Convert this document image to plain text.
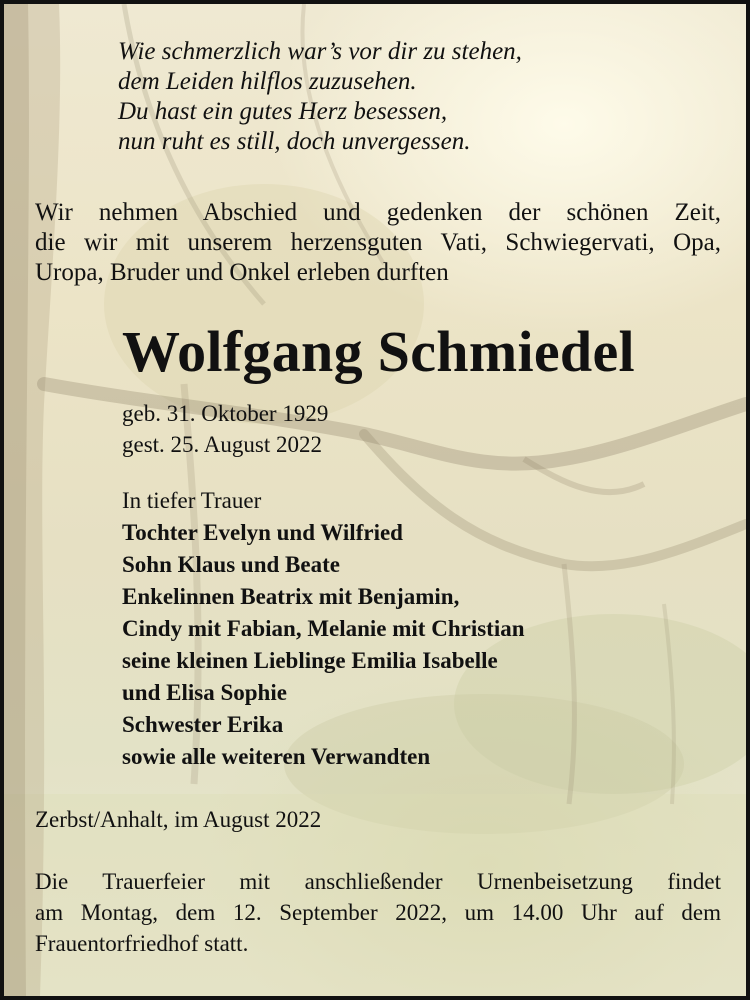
Wie schmerzlich war’s vor dir zu stehen,
dem Leiden hilflos zuzusehen.
Du hast ein gutes Herz besessen,
nun ruht es still, doch unvergessen.
Wir nehmen Abschied und gedenken der schönen Zeit,
die wir mit unserem herzensguten Vati, Schwiegervati, Opa,
Uropa, Bruder und Onkel erleben durften
Wolfgang Schmiedel
geb. 31. Oktober 1929
gest. 25. August 2022
In tiefer Trauer
Tochter Evelyn und Wilfried
Sohn Klaus und Beate
Enkelinnen Beatrix mit Benjamin,
Cindy mit Fabian, Melanie mit Christian
seine kleinen Lieblinge Emilia Isabelle
und Elisa Sophie
Schwester Erika
sowie alle weiteren Verwandten
Zerbst/Anhalt, im August 2022
Die Trauerfeier mit anschließender Urnenbeisetzung findet
am Montag, dem 12. September 2022, um 14.00 Uhr auf dem
Frauentorfriedhof statt.
